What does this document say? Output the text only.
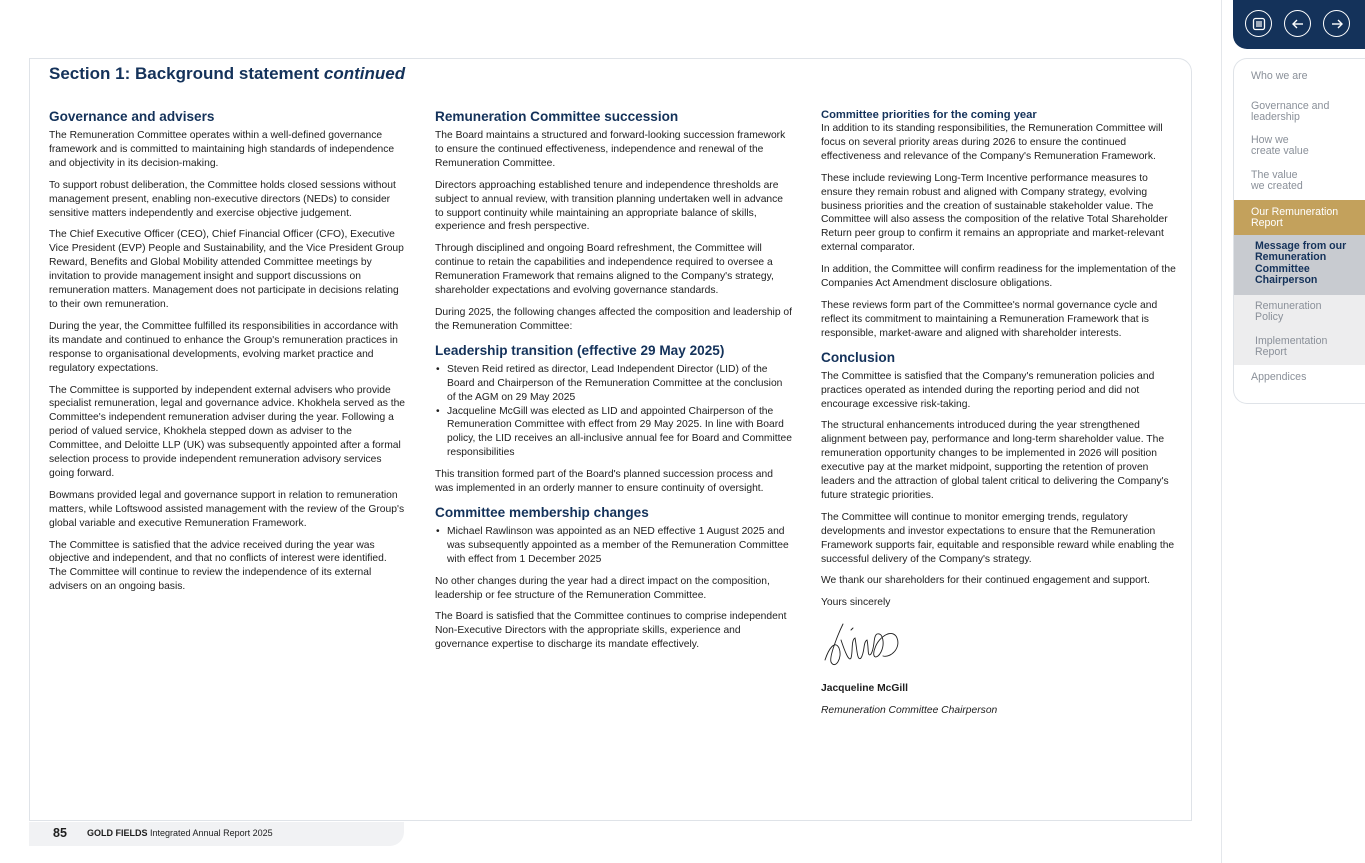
Section 1: Background statement continued
Governance and advisers

The Remuneration Committee operates within a well-defined governance framework and is committed to maintaining high standards of independence and objectivity in its decision-making.

To support robust deliberation, the Committee holds closed sessions without management present, enabling non-executive directors (NEDs) to consider sensitive matters independently and exercise objective judgement.

The Chief Executive Officer (CEO), Chief Financial Officer (CFO), Executive Vice President (EVP) People and Sustainability, and the Vice President Group Reward, Benefits and Global Mobility attended Committee meetings by invitation to provide management insight and support discussions on remuneration matters. Management does not participate in decisions relating to their own remuneration.

During the year, the Committee fulfilled its responsibilities in accordance with its mandate and continued to enhance the Group's remuneration practices in response to organisational developments, evolving market practice and regulatory expectations.

The Committee is supported by independent external advisers who provide specialist remuneration, legal and governance advice. Khokhela served as the Committee's independent remuneration adviser during the year. Following a period of valued service, Khokhela stepped down as adviser to the Committee, and Deloitte LLP (UK) was subsequently appointed after a formal selection process to provide independent remuneration advisory services going forward.

Bowmans provided legal and governance support in relation to remuneration matters, while Loftswood assisted management with the review of the Group's global variable and executive Remuneration Framework.

The Committee is satisfied that the advice received during the year was objective and independent, and that no conflicts of interest were identified. The Committee will continue to review the independence of its external advisers on an ongoing basis.

Remuneration Committee succession

The Board maintains a structured and forward-looking succession framework to ensure the continued effectiveness, independence and renewal of the Remuneration Committee.

Directors approaching established tenure and independence thresholds are subject to annual review, with transition planning undertaken well in advance to support continuity while maintaining an appropriate balance of skills, experience and fresh perspective.

Through disciplined and ongoing Board refreshment, the Committee will continue to retain the capabilities and independence required to oversee a Remuneration Framework that remains aligned to the Company's strategy, shareholder expectations and evolving governance standards.

During 2025, the following changes affected the composition and leadership of the Remuneration Committee:

Leadership transition (effective 29 May 2025)
• Steven Reid retired as director, Lead Independent Director (LID) of the Board and Chairperson of the Remuneration Committee at the conclusion of the AGM on 29 May 2025
• Jacqueline McGill was elected as LID and appointed Chairperson of the Remuneration Committee with effect from 29 May 2025. In line with Board policy, the LID receives an all-inclusive annual fee for Board and Committee responsibilities

This transition formed part of the Board's planned succession process and was implemented in an orderly manner to ensure continuity of oversight.

Committee membership changes
• Michael Rawlinson was appointed as an NED effective 1 August 2025 and was subsequently appointed as a member of the Remuneration Committee with effect from 1 December 2025

No other changes during the year had a direct impact on the composition, leadership or fee structure of the Remuneration Committee.

The Board is satisfied that the Committee continues to comprise independent Non-Executive Directors with the appropriate skills, experience and governance expertise to discharge its mandate effectively.

Committee priorities for the coming year

In addition to its standing responsibilities, the Remuneration Committee will focus on several priority areas during 2026 to ensure the continued effectiveness and relevance of the Company's Remuneration Framework.

These include reviewing Long-Term Incentive performance measures to ensure they remain robust and aligned with Company strategy, evolving business priorities and the creation of sustainable stakeholder value. The Committee will also assess the composition of the relative Total Shareholder Return peer group to confirm it remains an appropriate and market-relevant external comparator.

In addition, the Committee will confirm readiness for the implementation of the Companies Act Amendment disclosure obligations.

These reviews form part of the Committee's normal governance cycle and reflect its commitment to maintaining a Remuneration Framework that is responsible, market-aware and aligned with shareholder interests.

Conclusion

The Committee is satisfied that the Company's remuneration policies and practices operated as intended during the reporting period and did not encourage excessive risk-taking.

The structural enhancements introduced during the year strengthened alignment between pay, performance and long-term shareholder value. The remuneration opportunity changes to be implemented in 2026 will position executive pay at the market midpoint, supporting the retention of proven leaders and the attraction of global talent critical to delivering the Company's future strategic priorities.

The Committee will continue to monitor emerging trends, regulatory developments and investor expectations to ensure that the Remuneration Framework supports fair, equitable and responsible reward while enabling the successful delivery of the Company's strategy.

We thank our shareholders for their continued engagement and support.

Yours sincerely

Jacqueline McGill

Remuneration Committee Chairperson

85 GOLD FIELDS Integrated Annual Report 2025
Who we are
Governance and
leadership
How we
create value
The value
we created
Our Remuneration
Report
Message from our Remuneration Committee Chairperson
Remuneration
Policy
Implementation
Report
Appendices
